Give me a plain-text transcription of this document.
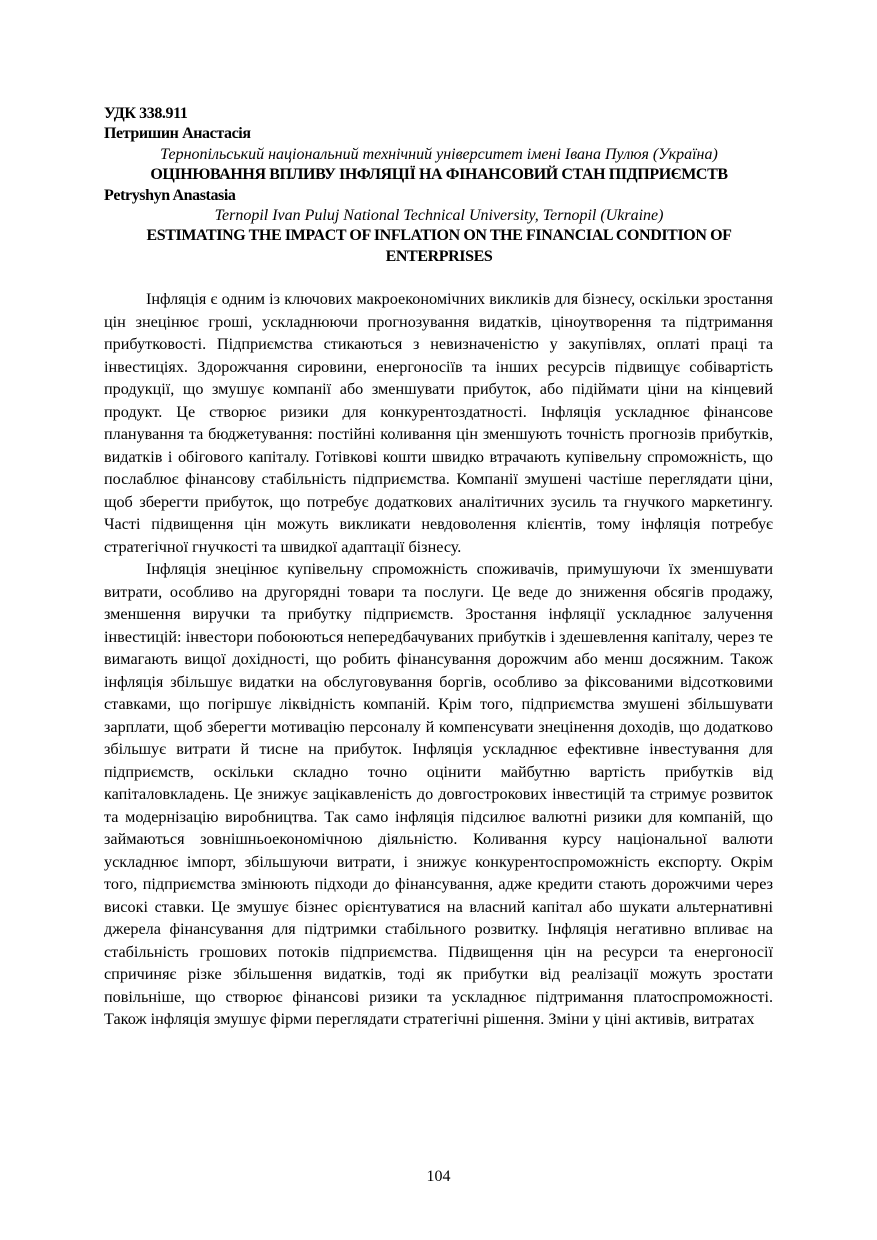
УДК 338.911
Петришин Анастасія
Тернопільський національний технічний університет імені Івана Пулюя (Україна)
ОЦІНЮВАННЯ ВПЛИВУ ІНФЛЯЦІЇ НА ФІНАНСОВИЙ СТАН ПІДПРИЄМСТВ
Petryshyn Anastasia
Ternopil Ivan Puluj National Technical University, Ternopil (Ukraine)
ESTIMATING THE IMPACT OF INFLATION ON THE FINANCIAL CONDITION OF ENTERPRISES

Інфляція є одним із ключових макроекономічних викликів для бізнесу, оскільки зростання цін знецінює гроші, ускладнюючи прогнозування видатків, ціноутворення та підтримання прибутковості. Підприємства стикаються з невизначеністю у закупівлях, оплаті праці та інвестиціях. Здорожчання сировини, енергоносіїв та інших ресурсів підвищує собівартість продукції, що змушує компанії або зменшувати прибуток, або підіймати ціни на кінцевий продукт. Це створює ризики для конкурентоздатності. Інфляція ускладнює фінансове планування та бюджетування: постійні коливання цін зменшують точність прогнозів прибутків, видатків і обігового капіталу. Готівкові кошти швидко втрачають купівельну спроможність, що послаблює фінансову стабільність підприємства. Компанії змушені частіше переглядати ціни, щоб зберегти прибуток, що потребує додаткових аналітичних зусиль та гнучкого маркетингу. Часті підвищення цін можуть викликати невдоволення клієнтів, тому інфляція потребує стратегічної гнучкості та швидкої адаптації бізнесу.

Інфляція знецінює купівельну спроможність споживачів, примушуючи їх зменшувати витрати, особливо на другорядні товари та послуги. Це веде до зниження обсягів продажу, зменшення виручки та прибутку підприємств. Зростання інфляції ускладнює залучення інвестицій: інвестори побоюються непередбачуваних прибутків і здешевлення капіталу, через те вимагають вищої дохідності, що робить фінансування дорожчим або менш досяжним. Також інфляція збільшує видатки на обслуговування боргів, особливо за фіксованими відсотковими ставками, що погіршує ліквідність компаній. Крім того, підприємства змушені збільшувати зарплати, щоб зберегти мотивацію персоналу й компенсувати знецінення доходів, що додатково збільшує витрати й тисне на прибуток. Інфляція ускладнює ефективне інвестування для підприємств, оскільки складно точно оцінити майбутню вартість прибутків від капіталовкладень. Це знижує зацікавленість до довгострокових інвестицій та стримує розвиток та модернізацію виробництва. Так само інфляція підсилює валютні ризики для компаній, що займаються зовнішньоекономічною діяльністю. Коливання курсу національної валюти ускладнює імпорт, збільшуючи витрати, і знижує конкурентоспроможність експорту. Окрім того, підприємства змінюють підходи до фінансування, адже кредити стають дорожчими через високі ставки. Це змушує бізнес орієнтуватися на власний капітал або шукати альтернативні джерела фінансування для підтримки стабільного розвитку. Інфляція негативно впливає на стабільність грошових потоків підприємства. Підвищення цін на ресурси та енергоносії спричиняє різке збільшення видатків, тоді як прибутки від реалізації можуть зростати повільніше, що створює фінансові ризики та ускладнює підтримання платоспроможності. Також інфляція змушує фірми переглядати стратегічні рішення. Зміни у ціні активів, витратах

104
